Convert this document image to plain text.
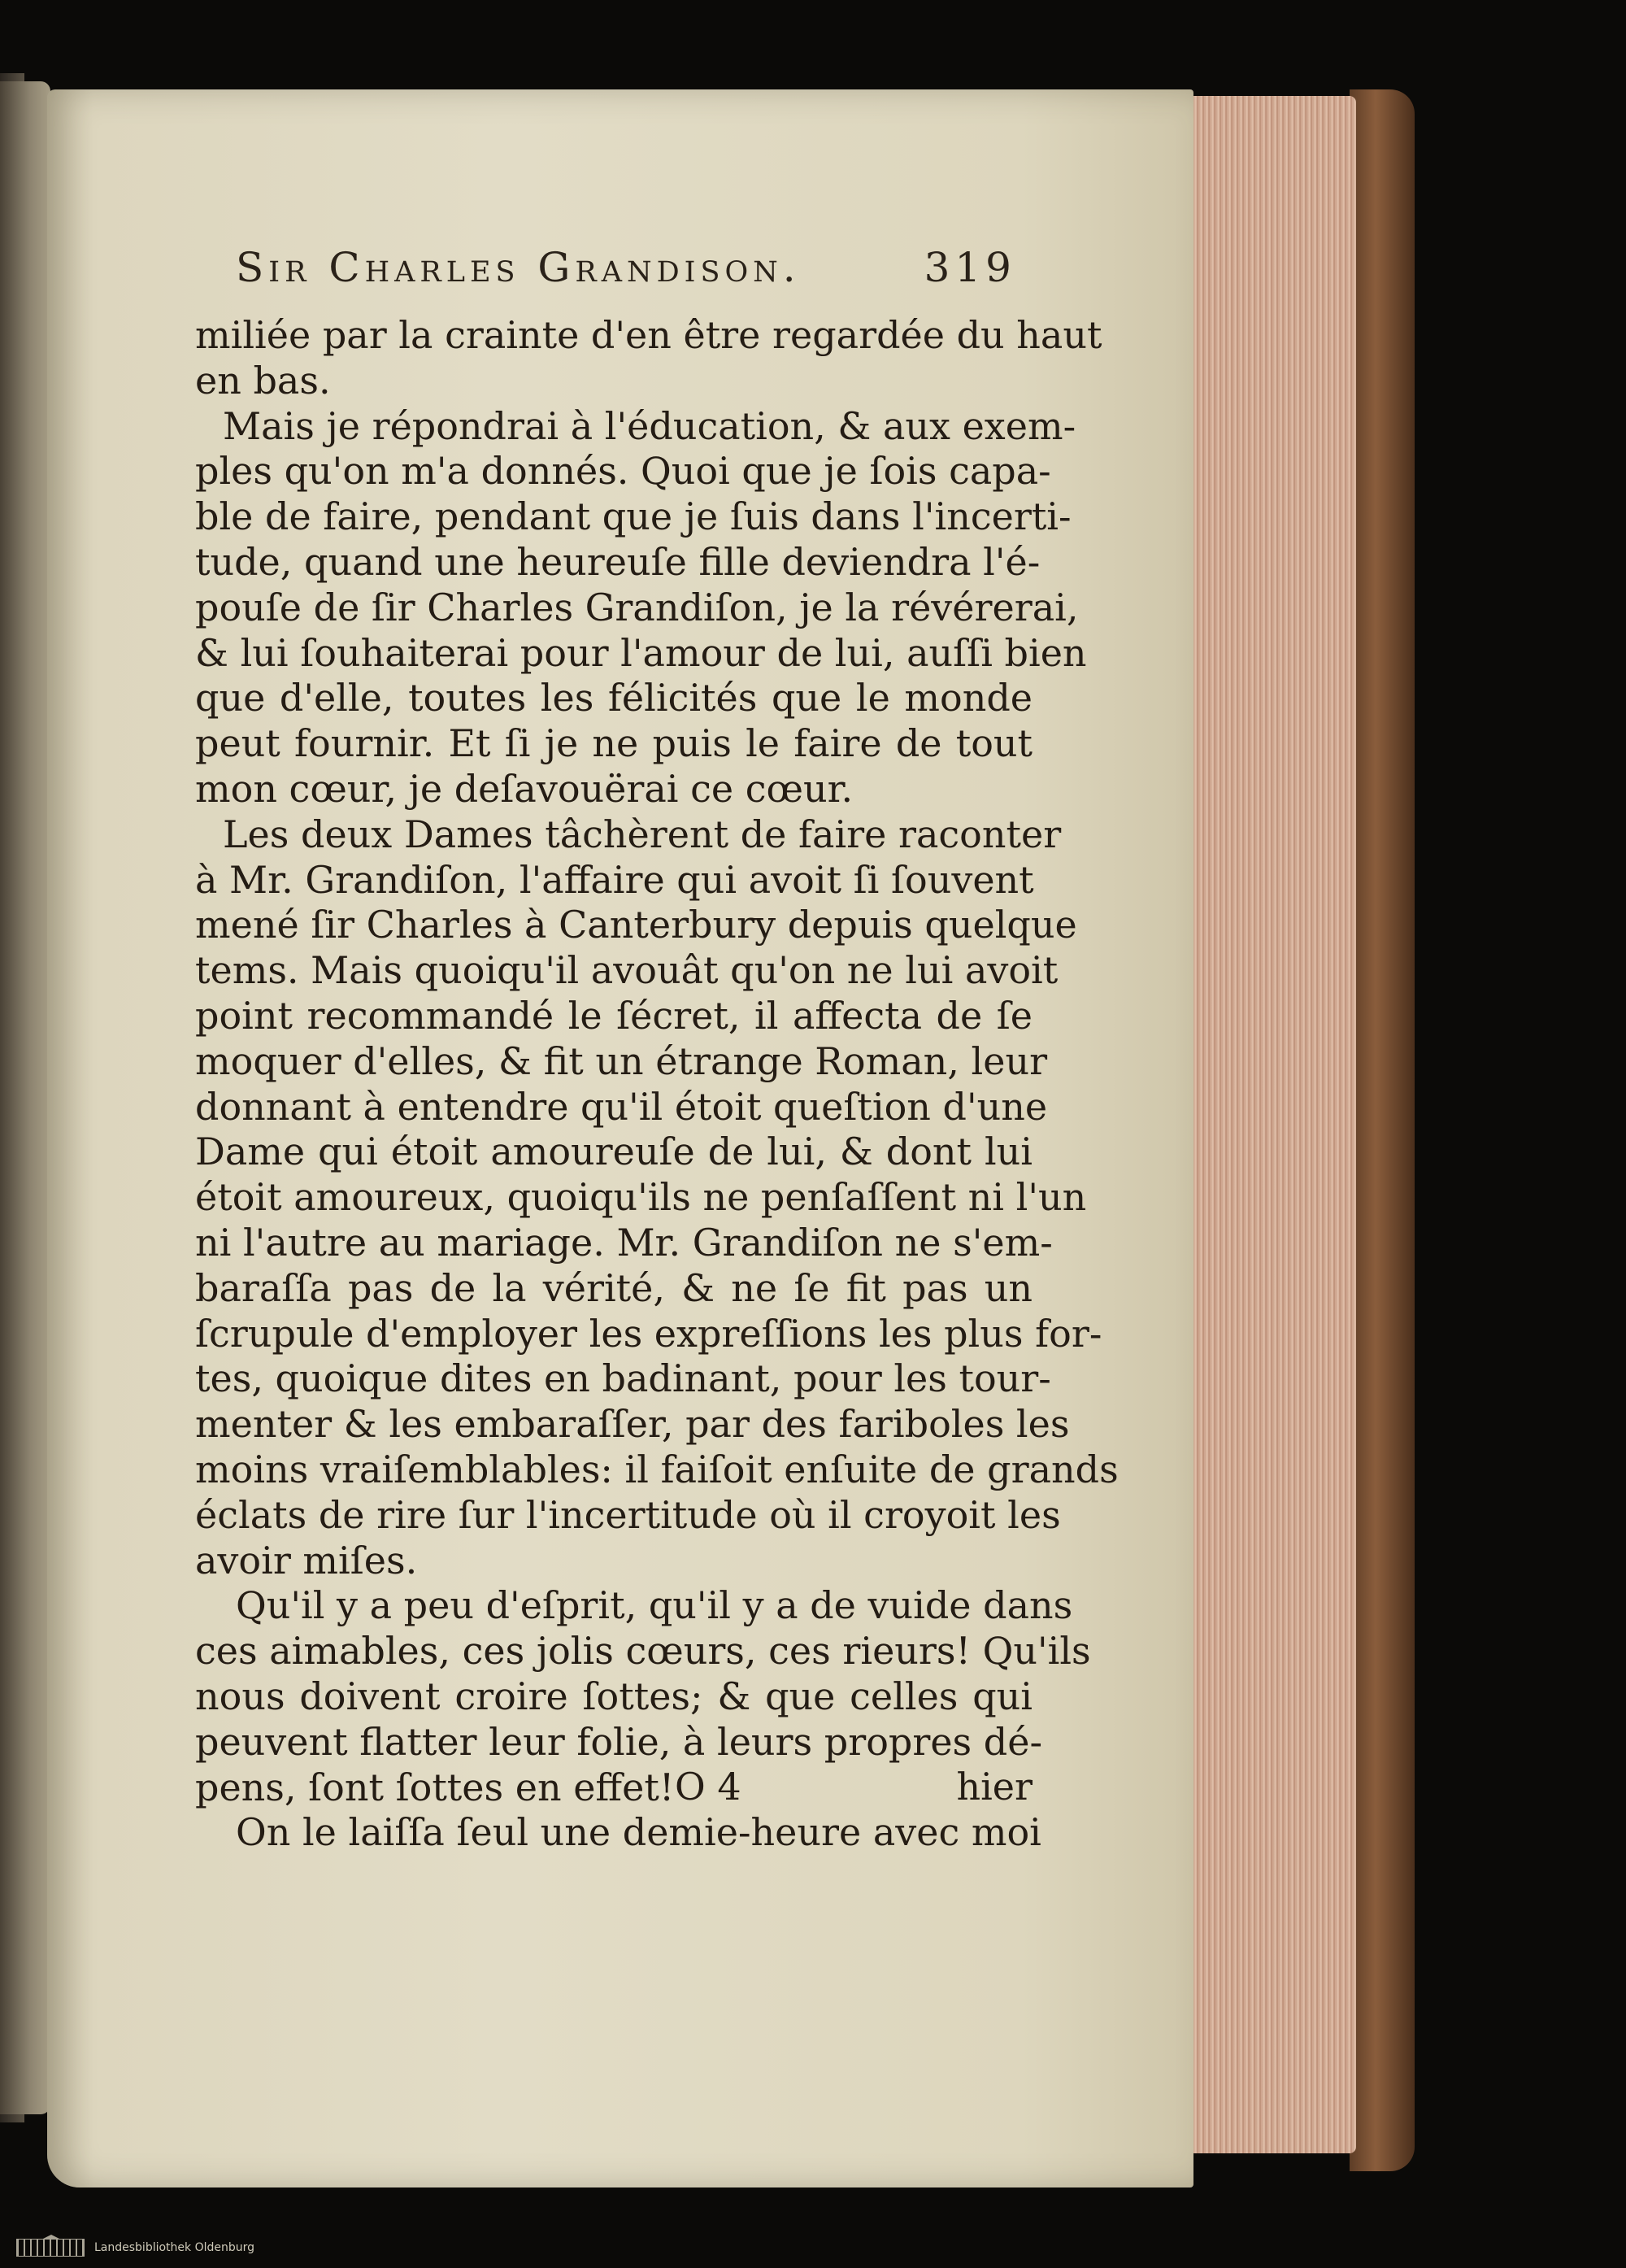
Sir Charles Grandison.	319
miliée par la crainte d'en être regardée du haut
en bas.
Mais je répondrai à l'éducation, & aux exem-
ples qu'on m'a donnés. Quoi que je ſois capa-
ble de faire, pendant que je ſuis dans l'incerti-
tude, quand une heureuſe fille deviendra l'é-
pouſe de ſir Charles Grandiſon, je la révérerai,
& lui ſouhaiterai pour l'amour de lui, auſſi bien
que d'elle, toutes les félicités que le monde
peut fournir. Et ſi je ne puis le faire de tout
mon cœur, je deſavouërai ce cœur.
Les deux Dames tâchèrent de faire raconter
à Mr. Grandiſon, l'affaire qui avoit ſi ſouvent
mené ſir Charles à Canterbury depuis quelque
tems. Mais quoiqu'il avouât qu'on ne lui avoit
point recommandé le ſécret, il affecta de ſe
moquer d'elles, & fit un étrange Roman, leur
donnant à entendre qu'il étoit queſtion d'une
Dame qui étoit amoureuſe de lui, & dont lui
étoit amoureux, quoiqu'ils ne penſaſſent ni l'un
ni l'autre au mariage. Mr. Grandiſon ne s'em-
baraſſa pas de la vérité, & ne ſe fit pas un
ſcrupule d'employer les expreſſions les plus for-
tes, quoique dites en badinant, pour les tour-
menter & les embaraſſer, par des fariboles les
moins vraiſemblables: il faiſoit enſuite de grands
éclats de rire ſur l'incertitude où il croyoit les
avoir miſes.
Qu'il y a peu d'eſprit, qu'il y a de vuide dans
ces aimables, ces jolis cœurs, ces rieurs! Qu'ils
nous doivent croire ſottes; & que celles qui
peuvent flatter leur folie, à leurs propres dé-
pens, ſont ſottes en effet!
On le laiſſa ſeul une demie-heure avec moi
O 4	hier
Landesbibliothek Oldenburg
